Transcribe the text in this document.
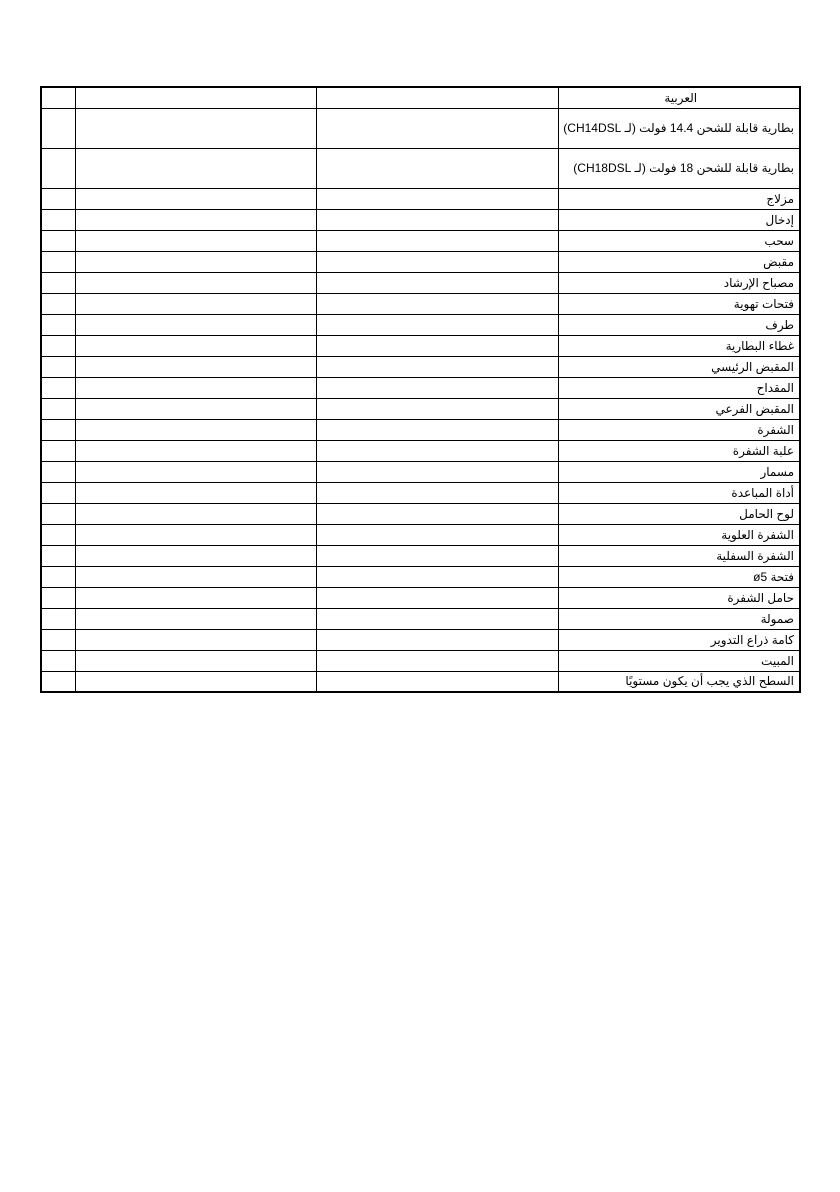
			العربية
			بطارية قابلة للشحن 14.4 فولت (لـ CH14DSL)
			بطارية قابلة للشحن 18 فولت (لـ CH18DSL)
			مزلاج
			إدخال
			سحب
			مقبض
			مصباح الإرشاد
			فتحات تهوية
			طرف
			غطاء البطارية
			المقبض الرئيسي
			المقداح
			المقبض الفرعي
			الشفرة
			علبة الشفرة
			مسمار
			أداة المباعدة
			لوح الحامل
			الشفرة العلوية
			الشفرة السفلية
			فتحة ø5
			حامل الشفرة
			صمولة
			كامة ذراع التدوير
			المبيت
			السطح الذي يجب أن يكون مستويًا
